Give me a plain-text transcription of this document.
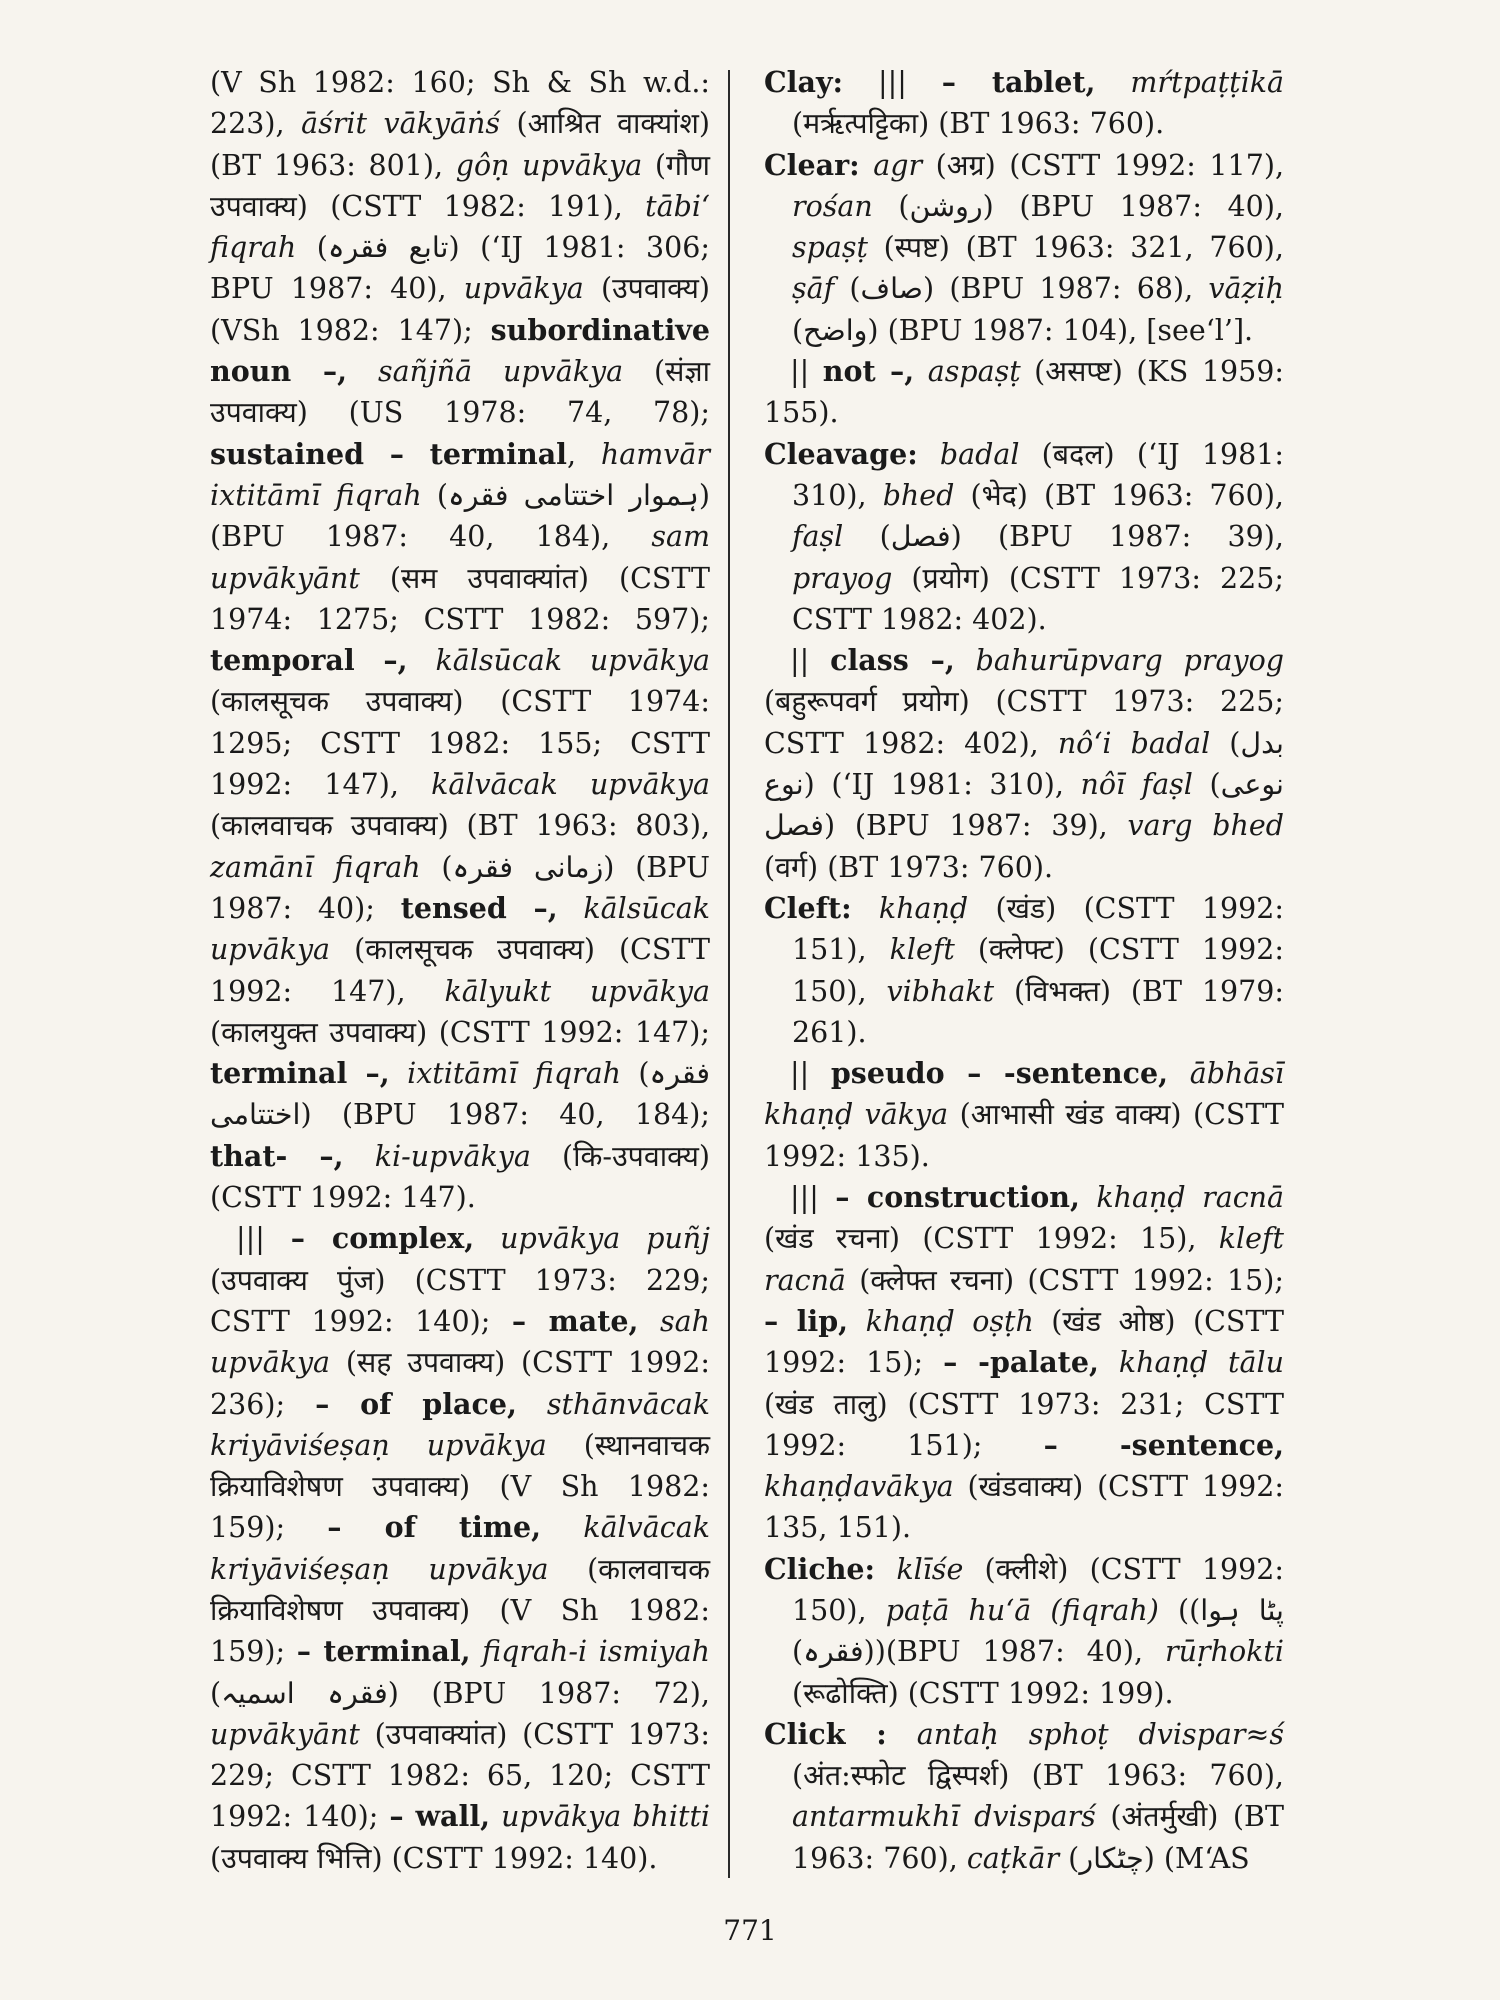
(V Sh 1982: 160; Sh & Sh w.d.: 223), āśrit vākyāṅś (आश्रित वाक्यांश) (BT 1963: 801), gôṇ upvākya (गौण उपवाक्य) (CSTT 1982: 191), tābi‘ fiqrah (تابع فقرہ) (‘IJ 1981: 306; BPU 1987: 40), upvākya (उपवाक्य) (VSh 1982: 147); subordinative noun –, sañjñā upvākya (संज्ञा उपवाक्य) (US 1978: 74, 78); sustained – terminal, hamvār ixtitāmī fiqrah (ہموار اختتامی فقرہ) (BPU 1987: 40, 184), sam upvākyānt (सम उपवाक्यांत) (CSTT 1974: 1275; CSTT 1982: 597); temporal –, kālsūcak upvākya (कालसूचक उपवाक्य) (CSTT 1974: 1295; CSTT 1982: 155; CSTT 1992: 147), kālvācak upvākya (कालवाचक उपवाक्य) (BT 1963: 803), zamānī fiqrah (زمانی فقرہ) (BPU 1987: 40); tensed –, kālsūcak upvākya (कालसूचक उपवाक्य) (CSTT 1992: 147), kālyukt upvākya (कालयुक्त उपवाक्य) (CSTT 1992: 147); terminal –, ixtitāmī fiqrah (فقرہ اختتامی) (BPU 1987: 40, 184); that- –, ki-upvākya (कि-उपवाक्य) (CSTT 1992: 147).

||| – complex, upvākya puñj (उपवाक्य पुंज) (CSTT 1973: 229; CSTT 1992: 140); – mate, sah upvākya (सह उपवाक्य) (CSTT 1992: 236); – of place, sthānvācak kriyāviśeṣaṇ upvākya (स्थानवाचक क्रियाविशेषण उपवाक्य) (V Sh 1982: 159); – of time, kālvācak kriyāviśeṣaṇ upvākya (कालवाचक क्रियाविशेषण उपवाक्य) (V Sh 1982: 159); – terminal, fiqrah-i ismiyah (فقرہ اسمیہ) (BPU 1987: 72), upvākyānt (उपवाक्यांत) (CSTT 1973: 229; CSTT 1982: 65, 120; CSTT 1992: 140); – wall, upvākya bhitti (उपवाक्य भित्ति) (CSTT 1992: 140).

Clay: ||| – tablet, mŕtpaṭṭikā (मरृत्पट्टिका) (BT 1963: 760).

Clear: agr (अग्र) (CSTT 1992: 117), rośan (روشن) (BPU 1987: 40), spaṣṭ (स्पष्ट) (BT 1963: 321, 760), ṣāf (صاف) (BPU 1987: 68), vāẓiḥ (واضح) (BPU 1987: 104), [see‘l’].

|| not –, aspaṣṭ (असप्ष्ट) (KS 1959: 155).

Cleavage: badal (बदल) (‘IJ 1981: 310), bhed (भेद) (BT 1963: 760), faṣl (فصل) (BPU 1987: 39), prayog (प्रयोग) (CSTT 1973: 225; CSTT 1982: 402).

|| class –, bahurūpvarg prayog (बहुरूपवर्ग प्रयोग) (CSTT 1973: 225; CSTT 1982: 402), nô‘i badal (بدل نوع) (‘IJ 1981: 310), nôī faṣl (نوعی فصل) (BPU 1987: 39), varg bhed (वर्ग) (BT 1973: 760).

Cleft: khaṇḍ (खंड) (CSTT 1992: 151), kleft (क्लेफ्ट) (CSTT 1992: 150), vibhakt (विभक्त) (BT 1979: 261).

|| pseudo – -sentence, ābhāsī khaṇḍ vākya (आभासी खंड वाक्य) (CSTT 1992: 135).

||| – construction, khaṇḍ racnā (खंड रचना) (CSTT 1992: 15), kleft racnā (क्लेफ्त रचना) (CSTT 1992: 15); – lip, khaṇḍ oṣṭh (खंड ओष्ठ) (CSTT 1992: 15); – -palate, khaṇḍ tālu (खंड तालु) (CSTT 1973: 231; CSTT 1992: 151); – -sentence, khaṇḍavākya (खंडवाक्य) (CSTT 1992: 135, 151).

Cliche: klīśe (क्लीशे) (CSTT 1992: 150), paṭā hu‘ā (fiqrah) ((پٹا ہوا (فقرہ))(BPU 1987: 40), rūṛhokti (रूढोक्ति) (CSTT 1992: 199).

Click : antaḥ sphoṭ dvispar≈ś (अंत:स्फोट द्विस्पर्श) (BT 1963: 760), antarmukhī dvisparś (अंतर्मुखी) (BT 1963: 760), caṭkār (چٹکار) (M‘AS

771
